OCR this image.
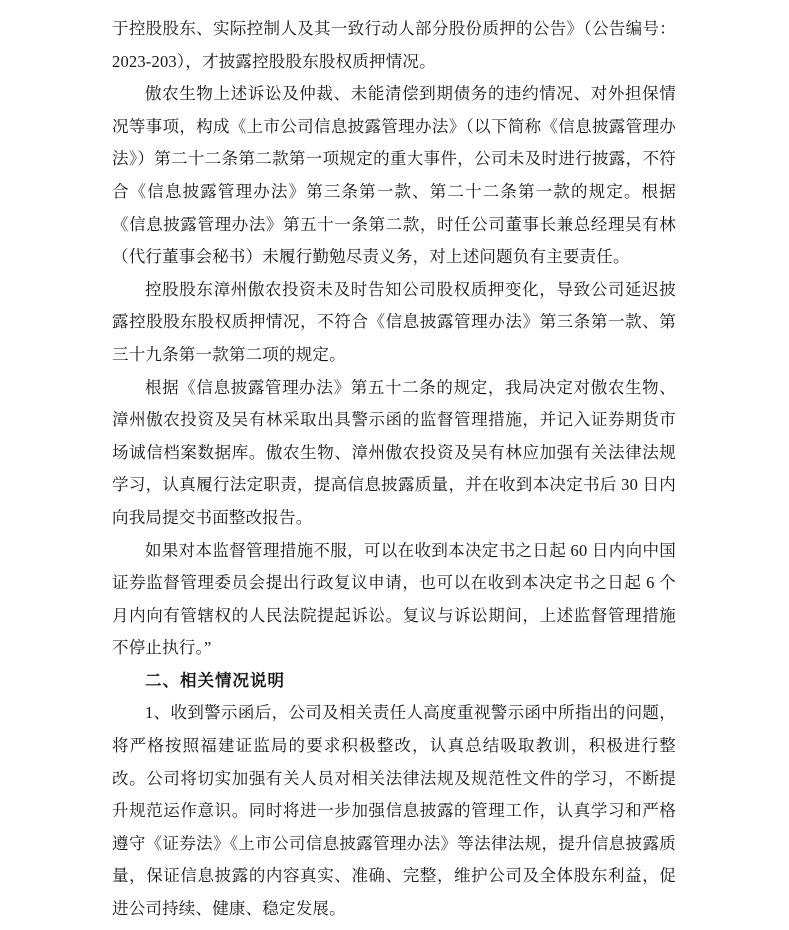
于控股股东、实际控制人及其一致行动人部分股份质押的公告》（公告编号：2023-203），才披露控股股东股权质押情况。

傲农生物上述诉讼及仲裁、未能清偿到期债务的违约情况、对外担保情况等事项，构成《上市公司信息披露管理办法》（以下简称《信息披露管理办法》）第二十二条第二款第一项规定的重大事件，公司未及时进行披露，不符合《信息披露管理办法》第三条第一款、第二十二条第一款的规定。根据《信息披露管理办法》第五十一条第二款，时任公司董事长兼总经理吴有林（代行董事会秘书）未履行勤勉尽责义务，对上述问题负有主要责任。

控股股东漳州傲农投资未及时告知公司股权质押变化，导致公司延迟披露控股股东股权质押情况，不符合《信息披露管理办法》第三条第一款、第三十九条第一款第二项的规定。

根据《信息披露管理办法》第五十二条的规定，我局决定对傲农生物、漳州傲农投资及吴有林采取出具警示函的监督管理措施，并记入证券期货市场诚信档案数据库。傲农生物、漳州傲农投资及吴有林应加强有关法律法规学习，认真履行法定职责，提高信息披露质量，并在收到本决定书后 30 日内向我局提交书面整改报告。

如果对本监督管理措施不服，可以在收到本决定书之日起 60 日内向中国证券监督管理委员会提出行政复议申请，也可以在收到本决定书之日起 6 个月内向有管辖权的人民法院提起诉讼。复议与诉讼期间，上述监督管理措施不停止执行。”

二、相关情况说明

1、收到警示函后，公司及相关责任人高度重视警示函中所指出的问题，将严格按照福建证监局的要求积极整改，认真总结吸取教训，积极进行整改。公司将切实加强有关人员对相关法律法规及规范性文件的学习，不断提升规范运作意识。同时将进一步加强信息披露的管理工作，认真学习和严格遵守《证券法》《上市公司信息披露管理办法》等法律法规，提升信息披露质量，保证信息披露的内容真实、准确、完整，维护公司及全体股东利益，促进公司持续、健康、稳定发展。
